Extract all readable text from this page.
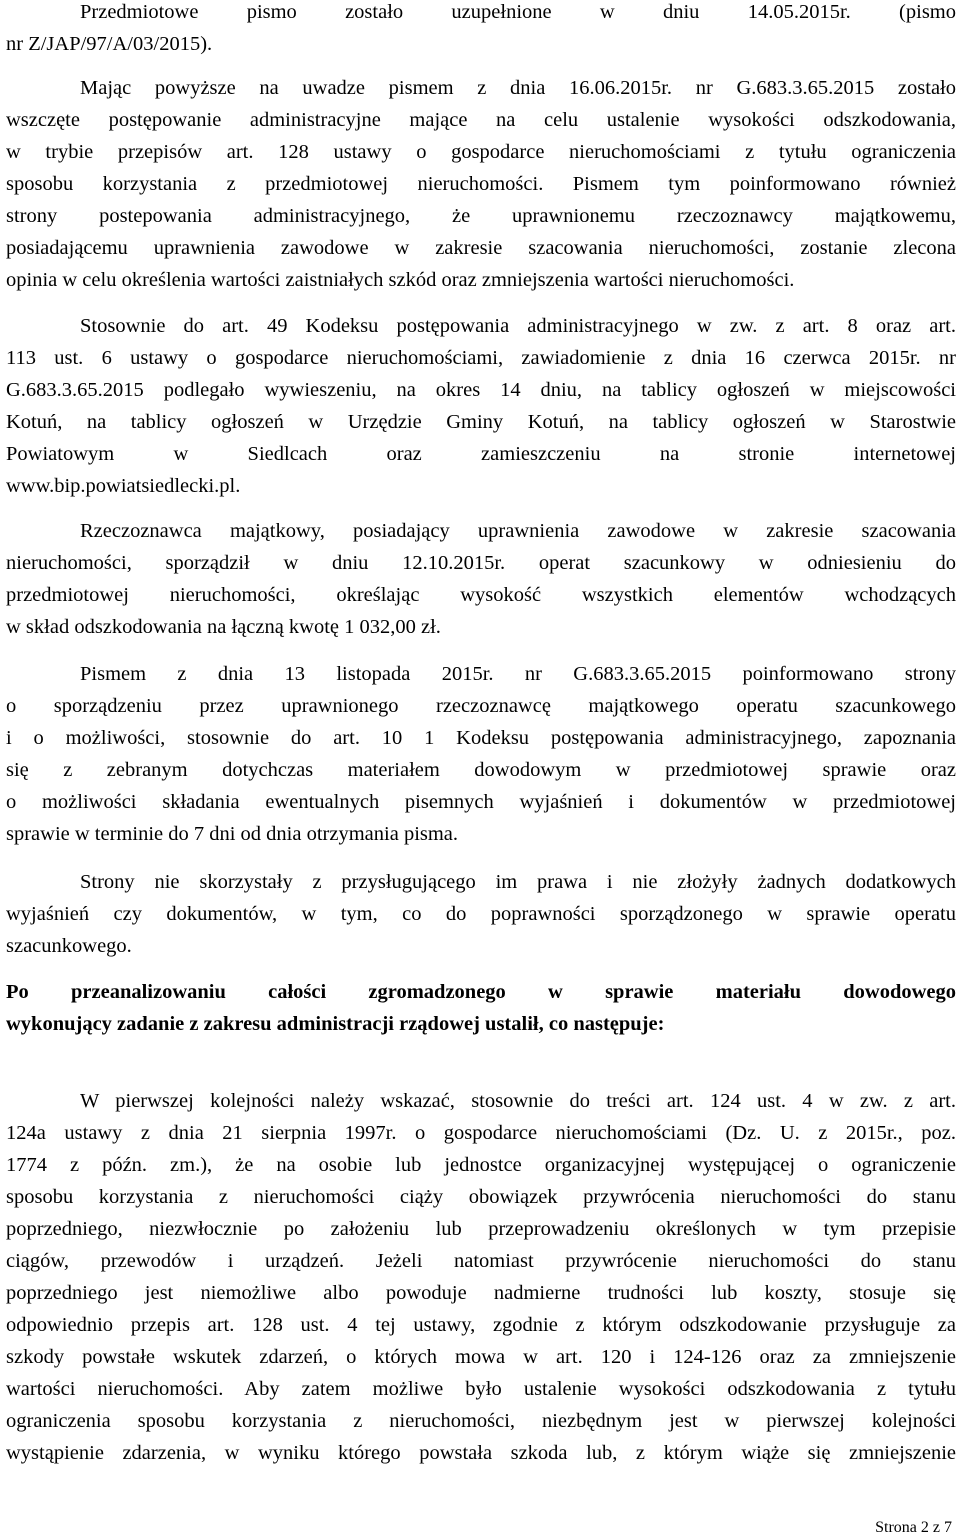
Przedmiotowe pismo zostało uzupełnione w dniu 14.05.2015r. (pismo
nr Z/JAP/97/A/03/2015).
Mając powyższe na uwadze pismem z dnia 16.06.2015r. nr G.683.3.65.2015 zostało
wszczęte postępowanie administracyjne mające na celu ustalenie wysokości odszkodowania,
w trybie przepisów art. 128 ustawy o gospodarce nieruchomościami z tytułu ograniczenia
sposobu korzystania z przedmiotowej nieruchomości. Pismem tym poinformowano również
strony postepowania administracyjnego, że uprawnionemu rzeczoznawcy majątkowemu,
posiadającemu uprawnienia zawodowe w zakresie szacowania nieruchomości, zostanie zlecona
opinia w celu określenia wartości zaistniałych szkód oraz zmniejszenia wartości nieruchomości.
Stosownie do art. 49 Kodeksu postępowania administracyjnego w zw. z art. 8 oraz art.
113 ust. 6 ustawy o gospodarce nieruchomościami, zawiadomienie z dnia 16 czerwca 2015r. nr
G.683.3.65.2015 podlegało wywieszeniu, na okres 14 dniu, na tablicy ogłoszeń w miejscowości
Kotuń, na tablicy ogłoszeń w Urzędzie Gminy Kotuń, na tablicy ogłoszeń w Starostwie
Powiatowym w Siedlcach oraz zamieszczeniu na stronie internetowej
www.bip.powiatsiedlecki.pl.
Rzeczoznawca majątkowy, posiadający uprawnienia zawodowe w zakresie szacowania
nieruchomości, sporządził w dniu 12.10.2015r. operat szacunkowy w odniesieniu do
przedmiotowej nieruchomości, określając wysokość wszystkich elementów wchodzących
w skład odszkodowania na łączną kwotę 1 032,00 zł.
Pismem z dnia 13 listopada 2015r. nr G.683.3.65.2015 poinformowano strony
o sporządzeniu przez uprawnionego rzeczoznawcę majątkowego operatu szacunkowego
i o możliwości, stosownie do art. 10 1 Kodeksu postępowania administracyjnego, zapoznania
się z zebranym dotychczas materiałem dowodowym w przedmiotowej sprawie oraz
o możliwości składania ewentualnych pisemnych wyjaśnień i dokumentów w przedmiotowej
sprawie w terminie do 7 dni od dnia otrzymania pisma.
Strony nie skorzystały z przysługującego im prawa i nie złożyły żadnych dodatkowych
wyjaśnień czy dokumentów, w tym, co do poprawności sporządzonego w sprawie operatu
szacunkowego.
Po przeanalizowaniu całości zgromadzonego w sprawie materiału dowodowego
wykonujący zadanie z zakresu administracji rządowej ustalił, co następuje:
W pierwszej kolejności należy wskazać, stosownie do treści art. 124 ust. 4 w zw. z art.
124a ustawy z dnia 21 sierpnia 1997r. o gospodarce nieruchomościami (Dz. U. z 2015r., poz.
1774 z późn. zm.), że na osobie lub jednostce organizacyjnej występującej o ograniczenie
sposobu korzystania z nieruchomości ciąży obowiązek przywrócenia nieruchomości do stanu
poprzedniego, niezwłocznie po założeniu lub przeprowadzeniu określonych w tym przepisie
ciągów, przewodów i urządzeń. Jeżeli natomiast przywrócenie nieruchomości do stanu
poprzedniego jest niemożliwe albo powoduje nadmierne trudności lub koszty, stosuje się
odpowiednio przepis art. 128 ust. 4 tej ustawy, zgodnie z którym odszkodowanie przysługuje za
szkody powstałe wskutek zdarzeń, o których mowa w art. 120 i 124-126 oraz za zmniejszenie
wartości nieruchomości. Aby zatem możliwe było ustalenie wysokości odszkodowania z tytułu
ograniczenia sposobu korzystania z nieruchomości, niezbędnym jest w pierwszej kolejności
wystąpienie zdarzenia, w wyniku którego powstała szkoda lub, z którym wiąże się zmniejszenie
Strona 2 z 7
